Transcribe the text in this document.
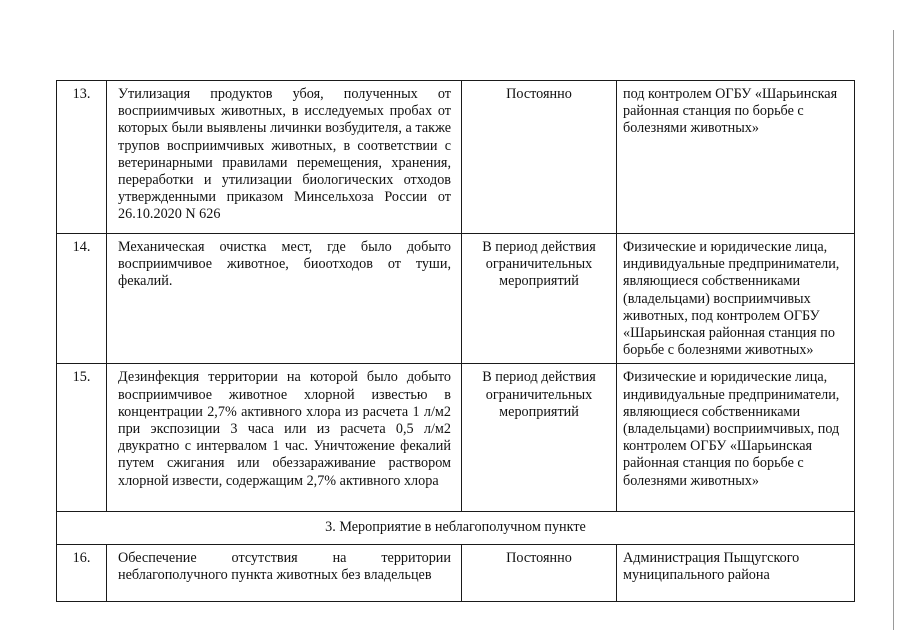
13.	Утилизация продуктов убоя, полученных от восприимчивых животных, в исследуемых пробах от которых были выявлены личинки возбудителя, а также трупов восприимчивых животных, в соответствии с ветеринарными правилами перемещения, хранения, переработки и утилизации биологических отходов утвержденными приказом Минсельхоза России от 26.10.2020 N 626	Постоянно	под контролем ОГБУ «Шарьинская районная станция по борьбе с болезнями животных»
14.	Механическая очистка мест, где было добыто восприимчивое животное, биоотходов от туши, фекалий.	В период действия ограничительных мероприятий	Физические и юридические лица, индивидуальные предприниматели, являющиеся собственниками (владельцами) восприимчивых животных, под контролем ОГБУ «Шарьинская районная станция по борьбе с болезнями животных»
15.	Дезинфекция территории на которой было добыто восприимчивое животное хлорной известью в концентрации 2,7% активного хлора из расчета 1 л/м2 при экспозиции 3 часа или из расчета 0,5 л/м2 двукратно с интервалом 1 час. Уничтожение фекалий путем сжигания или обеззараживание раствором хлорной извести, содержащим 2,7% активного хлора	В период действия ограничительных мероприятий	Физические и юридические лица, индивидуальные предприниматели, являющиеся собственниками (владельцами) восприимчивых, под контролем ОГБУ «Шарьинская районная станция по борьбе с болезнями животных»
3. Мероприятие в неблагополучном пункте			
16.	Обеспечение отсутствия на территории неблагополучного пункта животных без владельцев	Постоянно	Администрация Пыщугского муниципального района
